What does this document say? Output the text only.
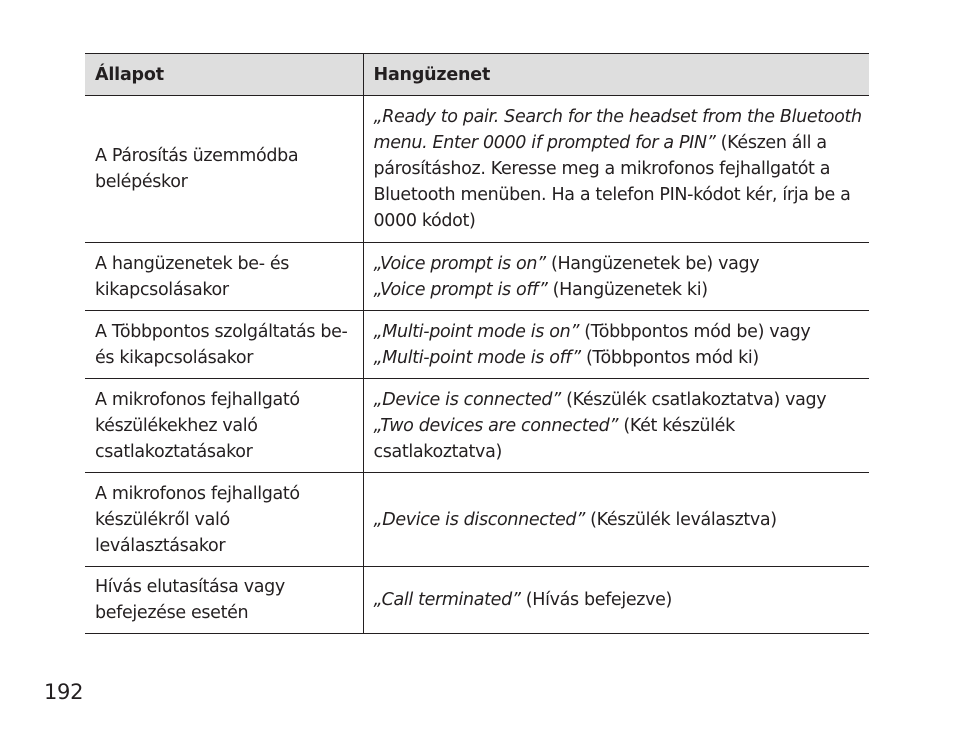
Állapot	Hangüzenet
A Párosítás üzemmódba belépéskor	„Ready to pair. Search for the headset from the Bluetooth menu. Enter 0000 if prompted for a PIN” (Készen áll a párosításhoz. Keresse meg a mikrofonos fejhallgatót a Bluetooth menüben. Ha a telefon PIN-kódot kér, írja be a 0000 kódot)
A hangüzenetek be- és kikapcsolásakor	„Voice prompt is on” (Hangüzenetek be) vagy
„Voice prompt is off” (Hangüzenetek ki)
A Többpontos szolgáltatás be- és kikapcsolásakor	„Multi-point mode is on” (Többpontos mód be) vagy
„Multi-point mode is off” (Többpontos mód ki)
A mikrofonos fejhallgató készülékekhez való csatlakoztatásakor	„Device is connected” (Készülék csatlakoztatva) vagy
„Two devices are connected” (Két készülék csatlakoztatva)
A mikrofonos fejhallgató készülékről való leválasztásakor	„Device is disconnected” (Készülék leválasztva)
Hívás elutasítása vagy befejezése esetén	„Call terminated” (Hívás befejezve)
192
